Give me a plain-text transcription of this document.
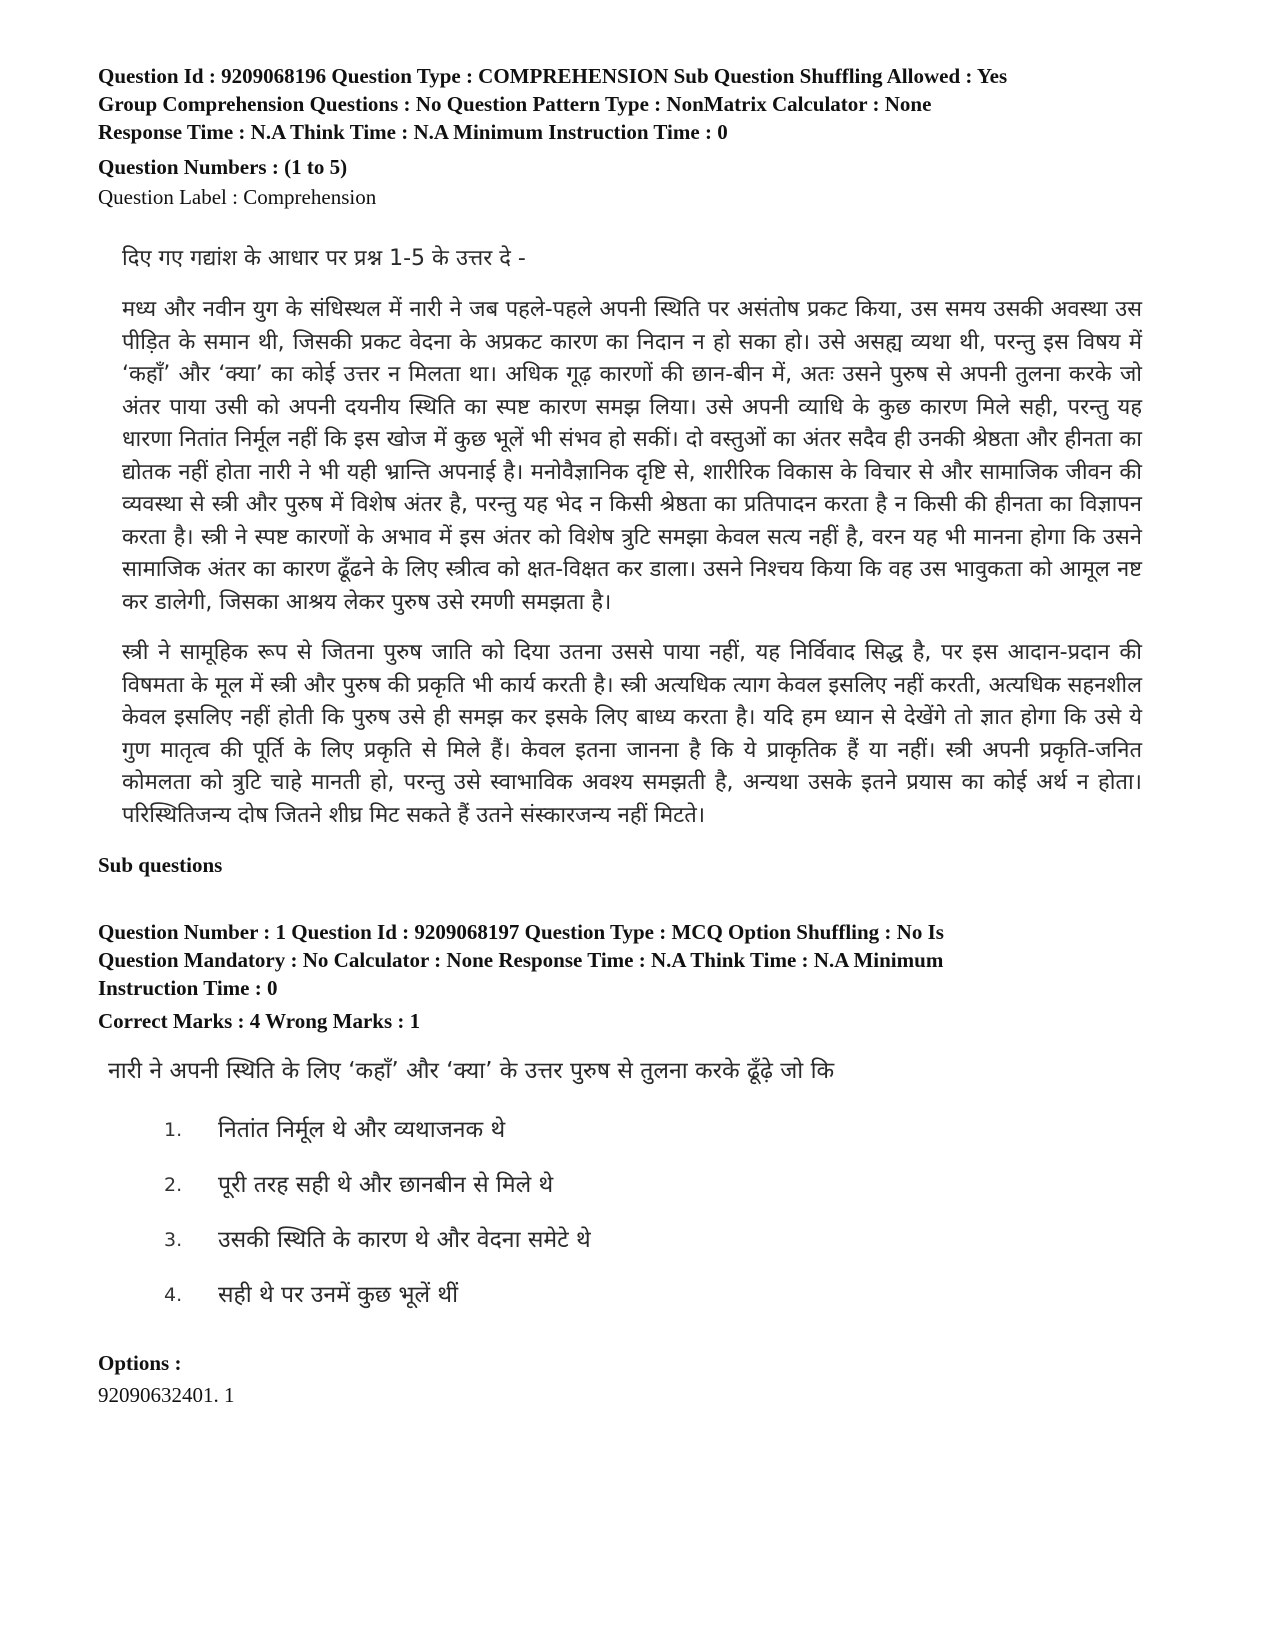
Question Id : 9209068196 Question Type : COMPREHENSION Sub Question Shuffling Allowed : Yes

Group Comprehension Questions : No Question Pattern Type : NonMatrix Calculator : None

Response Time : N.A Think Time : N.A Minimum Instruction Time : 0

Question Numbers : (1 to 5)

Question Label : Comprehension

दिए गए गद्यांश के आधार पर प्रश्न 1-5 के उत्तर दे -

मध्य और नवीन युग के संधिस्थल में नारी ने जब पहले-पहले अपनी स्थिति पर असंतोष प्रकट किया, उस समय उसकी अवस्था उस पीड़ित के समान थी, जिसकी प्रकट वेदना के अप्रकट कारण का निदान न हो सका हो। उसे असह्य व्यथा थी, परन्तु इस विषय में ‘कहाँ’ और ‘क्या’ का कोई उत्तर न मिलता था। अधिक गूढ़ कारणों की छान-बीन में, अतः उसने पुरुष से अपनी तुलना करके जो अंतर पाया उसी को अपनी दयनीय स्थिति का स्पष्ट कारण समझ लिया। उसे अपनी व्याधि के कुछ कारण मिले सही, परन्तु यह धारणा नितांत निर्मूल नहीं कि इस खोज में कुछ भूलें भी संभव हो सकीं। दो वस्तुओं का अंतर सदैव ही उनकी श्रेष्ठता और हीनता का द्योतक नहीं होता नारी ने भी यही भ्रान्ति अपनाई है। मनोवैज्ञानिक दृष्टि से, शारीरिक विकास के विचार से और सामाजिक जीवन की व्यवस्था से स्त्री और पुरुष में विशेष अंतर है, परन्तु यह भेद न किसी श्रेष्ठता का प्रतिपादन करता है न किसी की हीनता का विज्ञापन करता है। स्त्री ने स्पष्ट कारणों के अभाव में इस अंतर को विशेष त्रुटि समझा केवल सत्य नहीं है, वरन यह भी मानना होगा कि उसने सामाजिक अंतर का कारण ढूँढने के लिए स्त्रीत्व को क्षत-विक्षत कर डाला। उसने निश्चय किया कि वह उस भावुकता को आमूल नष्ट कर डालेगी, जिसका आश्रय लेकर पुरुष उसे रमणी समझता है।

स्त्री ने सामूहिक रूप से जितना पुरुष जाति को दिया उतना उससे पाया नहीं, यह निर्विवाद सिद्ध है, पर इस आदान-प्रदान की विषमता के मूल में स्त्री और पुरुष की प्रकृति भी कार्य करती है। स्त्री अत्यधिक त्याग केवल इसलिए नहीं करती, अत्यधिक सहनशील केवल इसलिए नहीं होती कि पुरुष उसे ही समझ कर इसके लिए बाध्य करता है। यदि हम ध्यान से देखेंगे तो ज्ञात होगा कि उसे ये गुण मातृत्व की पूर्ति के लिए प्रकृति से मिले हैं। केवल इतना जानना है कि ये प्राकृतिक हैं या नहीं। स्त्री अपनी प्रकृति-जनित कोमलता को त्रुटि चाहे मानती हो, परन्तु उसे स्वाभाविक अवश्य समझती है, अन्यथा उसके इतने प्रयास का कोई अर्थ न होता। परिस्थितिजन्य दोष जितने शीघ्र मिट सकते हैं उतने संस्कारजन्य नहीं मिटते।

Sub questions

Question Number : 1 Question Id : 9209068197 Question Type : MCQ Option Shuffling : No Is

Question Mandatory : No Calculator : None Response Time : N.A Think Time : N.A Minimum

Instruction Time : 0

Correct Marks : 4 Wrong Marks : 1

नारी ने अपनी स्थिति के लिए ‘कहाँ’ और ‘क्या’ के उत्तर पुरुष से तुलना करके ढूँढ़े जो कि
1.	नितांत निर्मूल थे और व्यथाजनक थे
2.	पूरी तरह सही थे और छानबीन से मिले थे
3.	उसकी स्थिति के कारण थे और वेदना समेटे थे
4.	सही थे पर उनमें कुछ भूलें थीं

Options :

92090632401. 1
